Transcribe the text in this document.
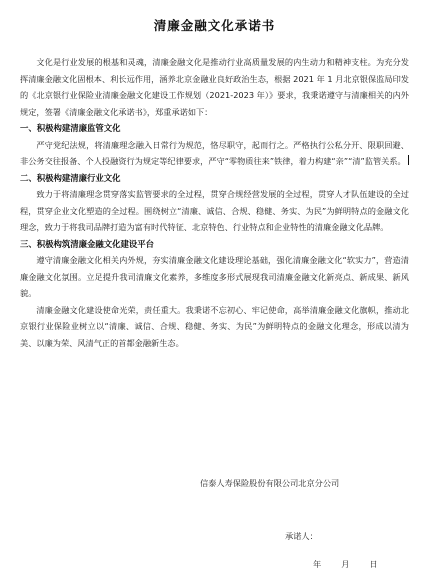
清廉金融文化承诺书

文化是行业发展的根基和灵魂，清廉金融文化是推动行业高质量发展的内生动力和精神支柱。为充分发挥清廉金融文化固根本、利长远作用，涵养北京金融业良好政治生态，根据 2021 年 1 月北京银保监局印发的《北京银行业保险业清廉金融文化建设工作规划（2021-2023 年）》要求，我秉诺遵守与清廉相关的内外规定，签署《清廉金融文化承诺书》，郑重承诺如下：

一、积极构建清廉监管文化

严守党纪法规，将清廉理念融入日常行为规范，恪尽职守，起而行之。严格执行公私分开、限职回避、非公务交往报备、个人投融资行为规定等纪律要求，严守“零物质往来”铁律，着力构建“亲”“清”监管关系。

二、积极构建清廉行业文化

致力于将清廉理念贯穿落实监管要求的全过程，贯穿合规经营发展的全过程，贯穿人才队伍建设的全过程，贯穿企业文化塑造的全过程。围绕树立“清廉、诚信、合规、稳健、务实、为民”为鲜明特点的金融文化理念，致力于将我司品牌打造为富有时代特征、北京特色、行业特点和企业特性的清廉金融文化品牌。

三、积极构筑清廉金融文化建设平台

遵守清廉金融文化相关内外规，夯实清廉金融文化建设理论基础，强化清廉金融文化“软实力”，营造清廉金融文化氛围。立足提升我司清廉文化素养，多维度多形式展现我司清廉金融文化新亮点、新成果、新风貌。

清廉金融文化建设使命光荣，责任重大。我秉诺不忘初心、牢记使命，高举清廉金融文化旗帜，推动北京银行业保险业树立以“清廉、诚信、合规、稳健、务实、为民”为鲜明特点的金融文化理念，形成以清为美、以廉为荣、风清气正的首都金融新生态。

信泰人寿保险股份有限公司北京分公司
承诺人：
年 月 日
